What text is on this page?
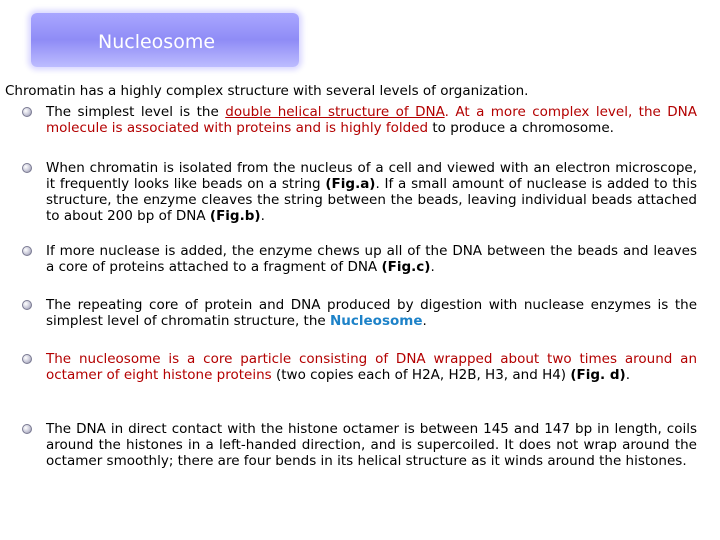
Nucleosome
Chromatin has a highly complex structure with several levels of organization.
The simplest level is the double helical structure of DNA. At a more complex level, the DNA molecule is associated with proteins and is highly folded to produce a chromosome.
When chromatin is isolated from the nucleus of a cell and viewed with an electron microscope, it frequently looks like beads on a string (Fig.a). If a small amount of nuclease is added to this structure, the enzyme cleaves the string between the beads, leaving individual beads attached to about 200 bp of DNA (Fig.b).
If more nuclease is added, the enzyme chews up all of the DNA between the beads and leaves a core of proteins attached to a fragment of DNA (Fig.c).
The repeating core of protein and DNA produced by digestion with nuclease enzymes is the simplest level of chromatin structure, the Nucleosome.
The nucleosome is a core particle consisting of DNA wrapped about two times around an octamer of eight histone proteins (two copies each of H2A, H2B, H3, and H4) (Fig. d).
The DNA in direct contact with the histone octamer is between 145 and 147 bp in length, coils around the histones in a left-handed direction, and is supercoiled. It does not wrap around the octamer smoothly; there are four bends in its helical structure as it winds around the histones.
